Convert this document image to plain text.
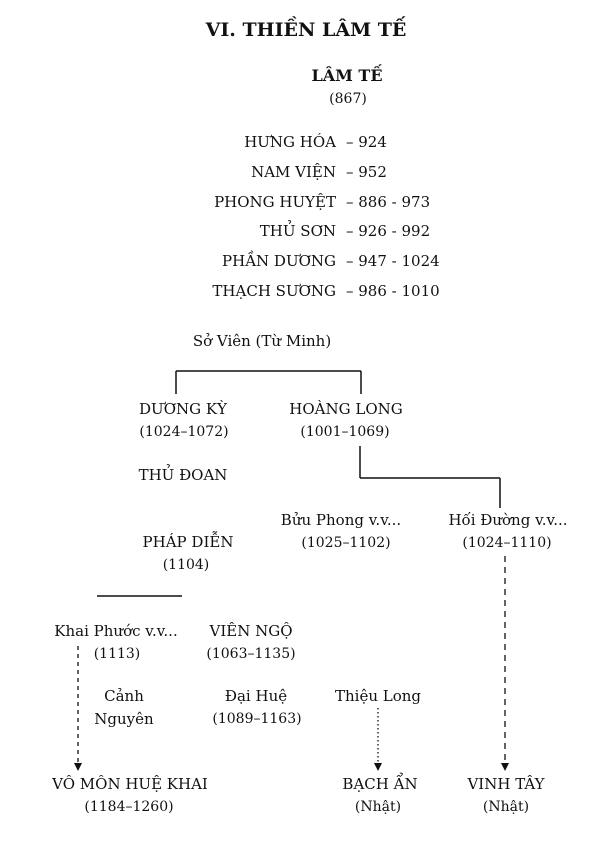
VI. THIỀN LÂM TẾ
LÂM TẾ
(867)
HƯNG HÓA – 924
NAM VIỆN – 952
PHONG HUYỆT – 886 - 973
THỦ SƠN – 926 - 992
PHẦN DƯƠNG – 947 - 1024
THẠCH SƯƠNG – 986 - 1010
Sở Viên (Từ Minh)
DƯƠNG KỲ
(1024–1072)
HOÀNG LONG
(1001–1069)
THỦ ĐOAN
Bửu Phong v.v...
(1025–1102)
Hối Đường v.v...
(1024–1110)
PHÁP DIỄN
(1104)
Khai Phước v.v...
(1113)
VIÊN NGỘ
(1063–1135)
Cảnh
Nguyên
Đại Huệ
(1089–1163)
Thiệu Long
VÔ MÔN HUỆ KHAI
(1184–1260)
BẠCH ẨN
(Nhật)
VINH TÂY
(Nhật)
